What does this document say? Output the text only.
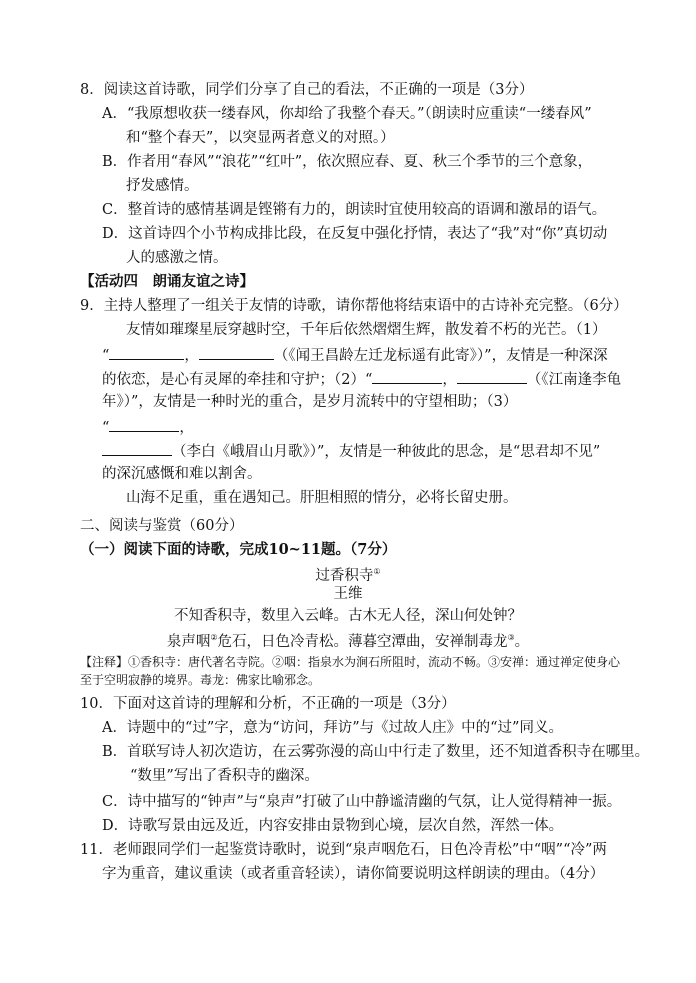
8．阅读这首诗歌，同学们分享了自己的看法，不正确的一项是（3分）
A．“我原想收获一缕春风，你却给了我整个春天。”（朗读时应重读“一缕春风”
和“整个春天”，以突显两者意义的对照。）
B．作者用“春风”“浪花”“红叶”，依次照应春、夏、秋三个季节的三个意象，
抒发感情。
C．整首诗的感情基调是铿锵有力的，朗读时宜使用较高的语调和激昂的语气。
D．这首诗四个小节构成排比段，在反复中强化抒情，表达了“我”对“你”真切动
人的感激之情。
【活动四　朗诵友谊之诗】
9．主持人整理了一组关于友情的诗歌，请你帮他将结束语中的古诗补充完整。（6分）
友情如璀璨星辰穿越时空，千年后依然熠熠生辉，散发着不朽的光芒。（1）
“	，	（《闻王昌龄左迁龙标遥有此寄》）”，友情是一种深深
的依恋，是心有灵犀的牵挂和守护；（2）“	，	（《江南逢李龟
年》）”，友情是一种时光的重合，是岁月流转中的守望相助；（3）
“	，
（李白《峨眉山月歌》）”，友情是一种彼此的思念，是“思君却不见”
的深沉感慨和难以割舍。
山海不足重，重在遇知己。肝胆相照的情分，必将长留史册。
二、阅读与鉴赏（60分）
（一）阅读下面的诗歌，完成10~11题。（7分）
过香积寺①
王维
不知香积寺，数里入云峰。古木无人径，深山何处钟？
泉声咽②危石，日色冷青松。薄暮空潭曲，安禅制毒龙③。
【注释】①香积寺：唐代著名寺院。②咽：指泉水为涧石所阻时，流动不畅。③安禅：通过禅定使身心
至于空明寂静的境界。毒龙：佛家比喻邪念。
10．下面对这首诗的理解和分析，不正确的一项是（3分）
A．诗题中的“过”字，意为“访问，拜访”与《过故人庄》中的“过”同义。
B．首联写诗人初次造访，在云雾弥漫的高山中行走了数里，还不知道香积寺在哪里。
“数里”写出了香积寺的幽深。
C．诗中描写的“钟声”与“泉声”打破了山中静谧清幽的气氛，让人觉得精神一振。
D．诗歌写景由远及近，内容安排由景物到心境，层次自然，浑然一体。
11．老师跟同学们一起鉴赏诗歌时，说到“泉声咽危石，日色冷青松”中“咽”“冷”两
字为重音，建议重读（或者重音轻读），请你简要说明这样朗读的理由。（4分）
